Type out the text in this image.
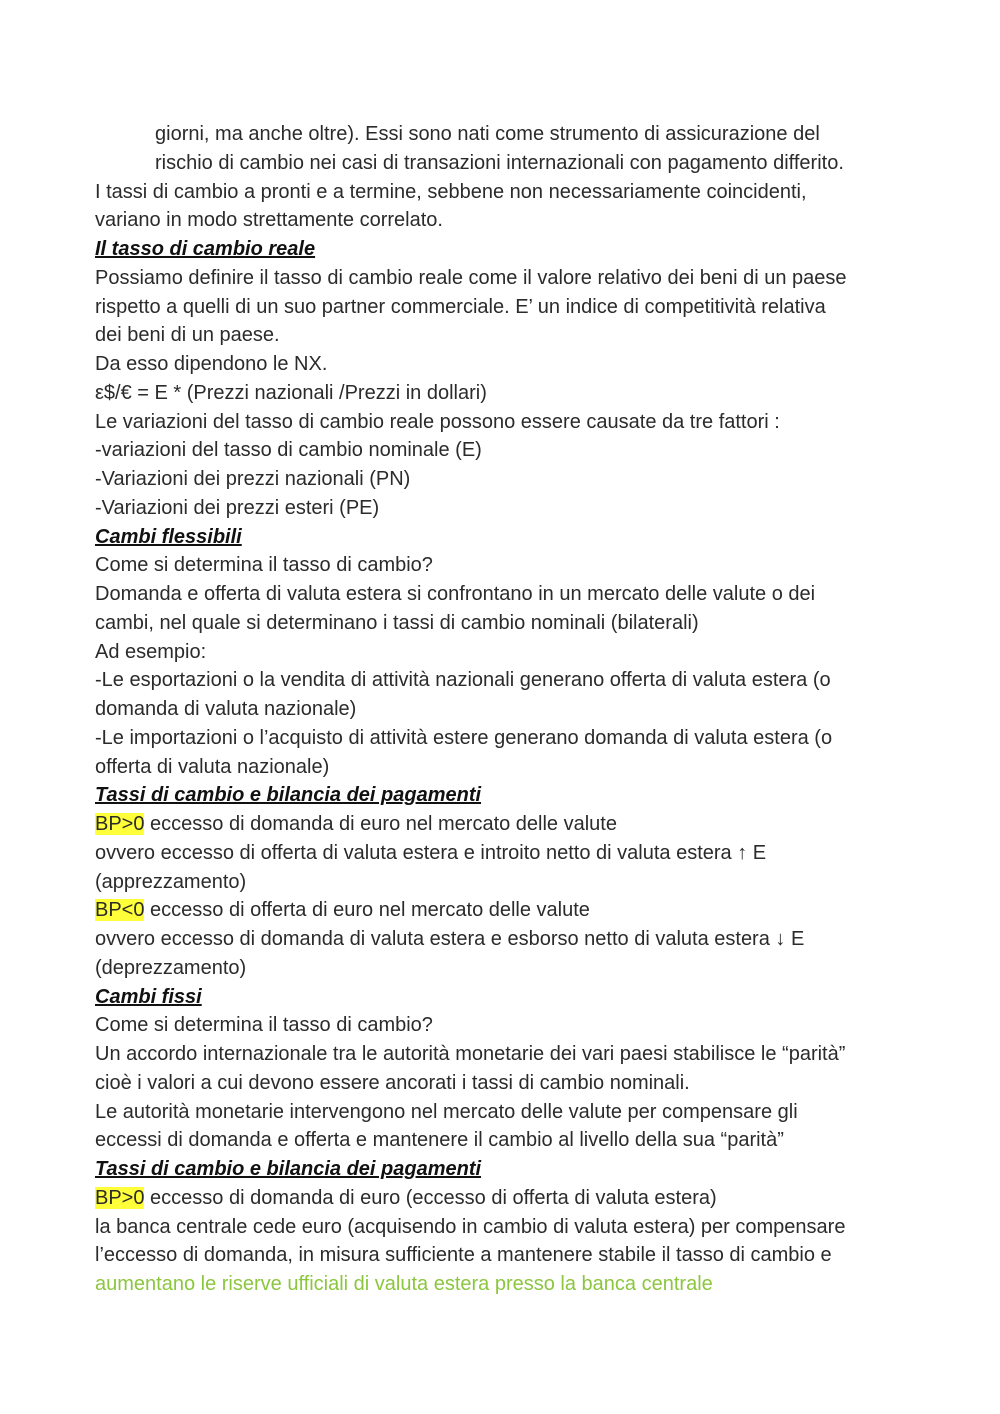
giorni, ma anche oltre). Essi sono nati come strumento di assicurazione del
rischio di cambio nei casi di transazioni internazionali con pagamento differito.
I tassi di cambio a pronti e a termine, sebbene non necessariamente coincidenti,
variano in modo strettamente correlato.
Il tasso di cambio reale
Possiamo definire il tasso di cambio reale come il valore relativo dei beni di un paese
rispetto a quelli di un suo partner commerciale. E’ un indice di competitività relativa
dei beni di un paese.
Da esso dipendono le NX.
ε$/€ = E * (Prezzi nazionali /Prezzi in dollari)
Le variazioni del tasso di cambio reale possono essere causate da tre fattori :
-variazioni del tasso di cambio nominale (E)
-Variazioni dei prezzi nazionali (PN)
-Variazioni dei prezzi esteri (PE)
Cambi flessibili
Come si determina il tasso di cambio?
Domanda e offerta di valuta estera si confrontano in un mercato delle valute o dei
cambi, nel quale si determinano i tassi di cambio nominali (bilaterali)
Ad esempio:
-Le esportazioni o la vendita di attività nazionali generano offerta di valuta estera (o
domanda di valuta nazionale)
-Le importazioni o l’acquisto di attività estere generano domanda di valuta estera (o
offerta di valuta nazionale)
Tassi di cambio e bilancia dei pagamenti
BP>0 eccesso di domanda di euro nel mercato delle valute
ovvero eccesso di offerta di valuta estera e introito netto di valuta estera ↑ E
(apprezzamento)
BP<0 eccesso di offerta di euro nel mercato delle valute
ovvero eccesso di domanda di valuta estera e esborso netto di valuta estera ↓ E
(deprezzamento)
Cambi fissi
Come si determina il tasso di cambio?
Un accordo internazionale tra le autorità monetarie dei vari paesi stabilisce le “parità”
cioè i valori a cui devono essere ancorati i tassi di cambio nominali.
Le autorità monetarie intervengono nel mercato delle valute per compensare gli
eccessi di domanda e offerta e mantenere il cambio al livello della sua “parità”
Tassi di cambio e bilancia dei pagamenti
BP>0 eccesso di domanda di euro (eccesso di offerta di valuta estera)
la banca centrale cede euro (acquisendo in cambio di valuta estera) per compensare
l’eccesso di domanda, in misura sufficiente a mantenere stabile il tasso di cambio e
aumentano le riserve ufficiali di valuta estera presso la banca centrale
